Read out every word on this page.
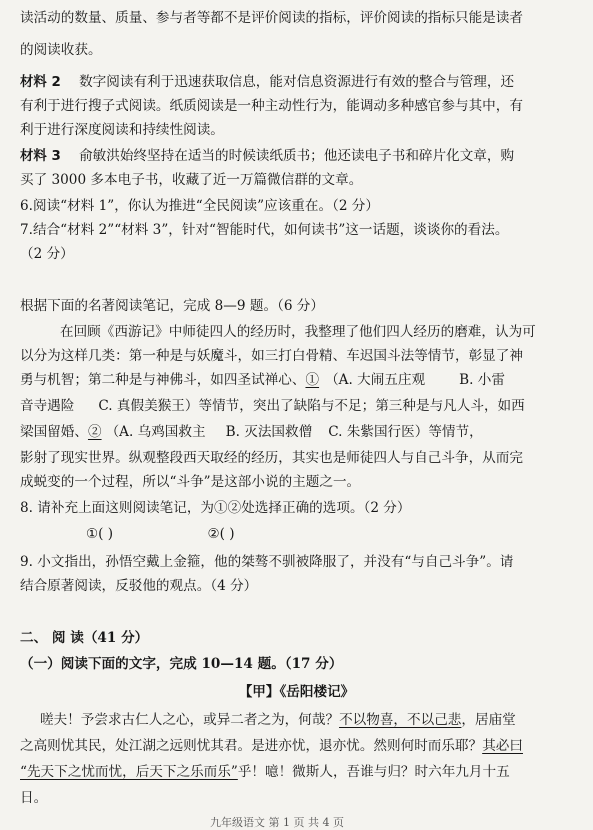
读活动的数量、质量、参与者等都不是评价阅读的指标，评价阅读的指标只能是读者
的阅读收获。
材料 2 数字阅读有利于迅速获取信息，能对信息资源进行有效的整合与管理，还
有利于进行搜子式阅读。纸质阅读是一种主动性行为，能调动多种感官参与其中，有
利于进行深度阅读和持续性阅读。
材料 3 俞敏洪始终坚持在适当的时候读纸质书；他还读电子书和碎片化文章，购
买了 3000 多本电子书，收藏了近一万篇微信群的文章。
6.阅读“材料 1”，你认为推进“全民阅读”应该重在。（2 分）
7.结合“材料 2”“材料 3”，针对“智能时代，如何读书”这一话题，谈谈你的看法。
（2 分）
根据下面的名著阅读笔记，完成 8—9 题。（6 分）
在回顾《西游记》中师徒四人的经历时，我整理了他们四人经历的磨难，认为可
以分为这样几类：第一种是与妖魔斗，如三打白骨精、车迟国斗法等情节，彰显了神
勇与机智；第二种是与神佛斗，如四圣试禅心、① （A. 大闹五庄观	B. 小雷
音寺遇险 C. 真假美猴王）等情节，突出了缺陷与不足；第三种是与凡人斗，如西
梁国留婚、② （A. 乌鸡国救主 B. 灭法国救僧 C. 朱紫国行医）等情节，
影射了现实世界。纵观整段西天取经的经历，其实也是师徒四人与自己斗争，从而完
成蜕变的一个过程，所以“斗争”是这部小说的主题之一。
8. 请补充上面这则阅读笔记，为①②处选择正确的选项。（2 分）
①( )	②( )
9. 小文指出，孙悟空戴上金箍，他的桀骜不驯被降服了，并没有“与自己斗争”。请
结合原著阅读，反驳他的观点。（4 分）
二、 阅 读（41 分）
（一）阅读下面的文字，完成 10—14 题。（17 分）
【甲】《岳阳楼记》
嗟夫！予尝求古仁人之心，或异二者之为，何哉？不以物喜，不以己悲，居庙堂
之高则忧其民，处江湖之远则忧其君。是进亦忧，退亦忧。然则何时而乐耶？其必曰
“先天下之忧而忧，后天下之乐而乐”乎！噫！微斯人，吾谁与归？时六年九月十五
日。
九年级语文 第 1 页 共 4 页
